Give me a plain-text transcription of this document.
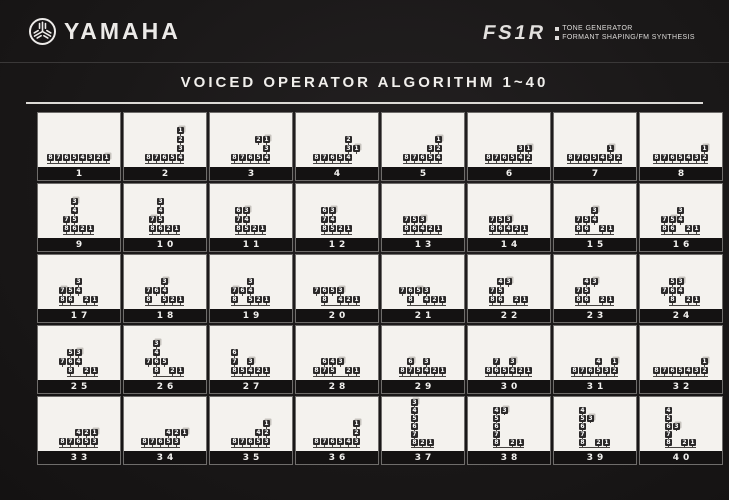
YAMAHA	FS1R TONE GENERATOR
FORMANT SHAPING/FM SYNTHESIS
VOICED OPERATOR ALGORITHM 1~40
8 7 6 5 4 3 2 1
1
1
2
3
8 7 6 5 4
2
2 1
3
8 7 6 5 4
3
2
3 1
8 7 6 5 4
4
1
3 2
8 7 6 5 4
5
3 1
8 7 6 5 4 2
6
1
8 7 6 5 4 3 2
7
1
8 7 6 5 4 3 2
8
3
4
7 5
8 6 2 1
9
3
4
7 5
8 6 2 1
10
6 3
7 4
8 5 2 1
11
6 3
7 4
8 5 2 1
12
7 5 3
8 6 4 2 1
13
7 5 3
8 6 4 2 1
14
3
7 5 4
8 6 2 1
15
3
7 5 4
8 6 2 1
16
3
7 5 4
8 6 2 1
17
3
7 6 4
8 5 2 1
18
3
7 6 4
8 5 2 1
19
7 6 5 3
8 4 2 1
20
7 6 5 3
8 4 2 1
21
4 3
7 5
8 6 2 1
22
4 3
7 5
8 6 2 1
23
5 3
7 6 4
8 2 1
24
5 3
7 6 4
8 2 1
25
3
4
7 6 5
8 2 1
26
6
7 3
8 5 4 2 1
27
6 4 3
8 7 5 2 1
28
6 3
8 7 5 4 2 1
29
7 3
8 6 5 4 2 1
30
4 1
8 7 6 5 3 2
31
1
8 7 6 5 4 3 2
32
4 2 1
8 7 6 5 3
33
4 2 1
8 7 6 5 3
34
1
4 2
8 7 6 5 3
35
1
2
8 7 6 5 4 3
36
3
4
5
6
7
8 2 1
37
4 3
5
6
7
8 2 1
38
4
5 3
6
7
8 2 1
39
4
5
6 3
7
8 2 1
40
